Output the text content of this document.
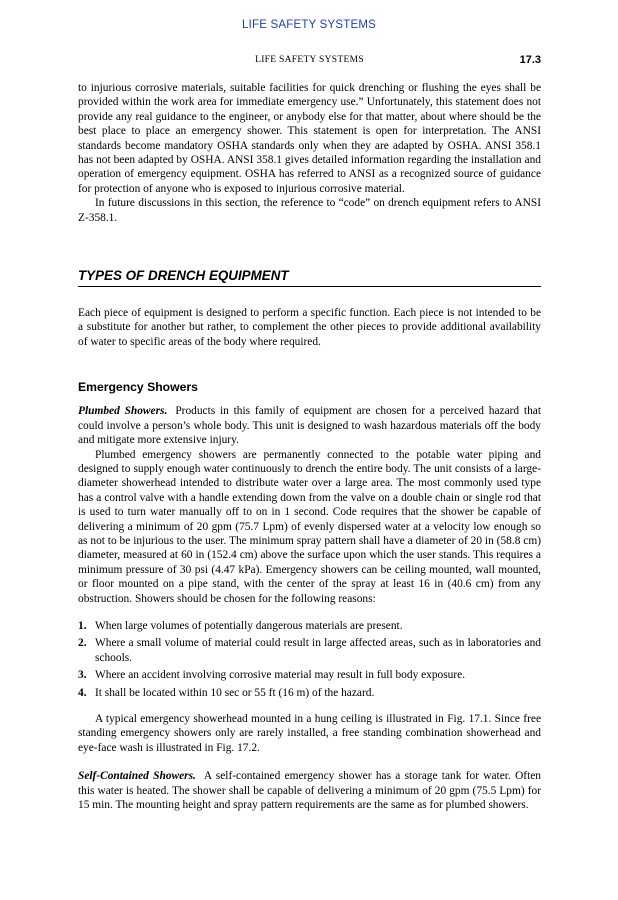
LIFE SAFETY SYSTEMS
LIFE SAFETY SYSTEMS	17.3

to injurious corrosive materials, suitable facilities for quick drenching or flushing the eyes shall be provided within the work area for immediate emergency use.” Unfortunately, this statement does not provide any real guidance to the engineer, or anybody else for that matter, about where should be the best place to place an emergency shower. This statement is open for interpretation. The ANSI standards become mandatory OSHA standards only when they are adapted by OSHA. ANSI 358.1 has not been adapted by OSHA. ANSI 358.1 gives detailed information regarding the installation and operation of emergency equipment. OSHA has referred to ANSI as a recognized source of guidance for protection of anyone who is exposed to injurious corrosive material.

In future discussions in this section, the reference to “code” on drench equipment refers to ANSI Z-358.1.

TYPES OF DRENCH EQUIPMENT

Each piece of equipment is designed to perform a specific function. Each piece is not intended to be a substitute for another but rather, to complement the other pieces to provide additional availability of water to specific areas of the body where required.

Emergency Showers

Plumbed Showers. Products in this family of equipment are chosen for a perceived hazard that could involve a person’s whole body. This unit is designed to wash hazardous materials off the body and mitigate more extensive injury.

Plumbed emergency showers are permanently connected to the potable water piping and designed to supply enough water continuously to drench the entire body. The unit consists of a large-diameter showerhead intended to distribute water over a large area. The most commonly used type has a control valve with a handle extending down from the valve on a double chain or single rod that is used to turn water manually off to on in 1 second. Code requires that the shower be capable of delivering a minimum of 20 gpm (75.7 Lpm) of evenly dispersed water at a velocity low enough so as not to be injurious to the user. The minimum spray pattern shall have a diameter of 20 in (58.8 cm) diameter, measured at 60 in (152.4 cm) above the surface upon which the user stands. This requires a minimum pressure of 30 psi (4.47 kPa). Emergency showers can be ceiling mounted, wall mounted, or floor mounted on a pipe stand, with the center of the spray at least 16 in (40.6 cm) from any obstruction. Showers should be chosen for the following reasons:

1. When large volumes of potentially dangerous materials are present.
2. Where a small volume of material could result in large affected areas, such as in laboratories and schools.
3. Where an accident involving corrosive material may result in full body exposure.
4. It shall be located within 10 sec or 55 ft (16 m) of the hazard.

A typical emergency showerhead mounted in a hung ceiling is illustrated in Fig. 17.1. Since free standing emergency showers only are rarely installed, a free standing combination showerhead and eye-face wash is illustrated in Fig. 17.2.

Self-Contained Showers. A self-contained emergency shower has a storage tank for water. Often this water is heated. The shower shall be capable of delivering a minimum of 20 gpm (75.5 Lpm) for 15 min. The mounting height and spray pattern requirements are the same as for plumbed showers.
